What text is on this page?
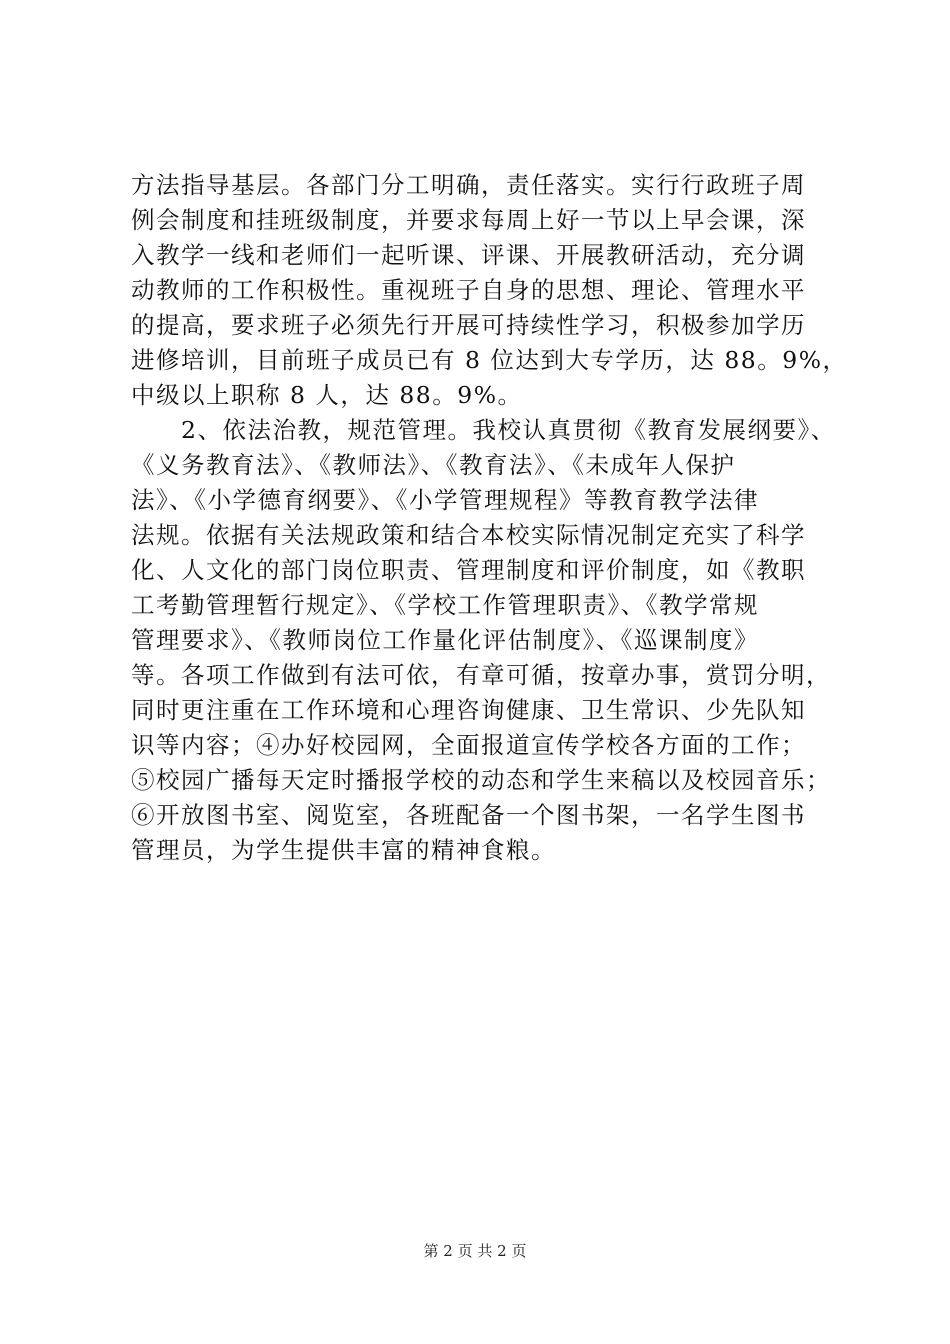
方法指导基层。各部门分工明确，责任落实。实行行政班子周
例会制度和挂班级制度，并要求每周上好一节以上早会课，深
入教学一线和老师们一起听课、评课、开展教研活动，充分调
动教师的工作积极性。重视班子自身的思想、理论、管理水平
的提高，要求班子必须先行开展可持续性学习，积极参加学历
进修培训，目前班子成员已有 8 位达到大专学历，达 88。9%，
中级以上职称 8 人，达 88。9%。
　　2、依法治教，规范管理。我校认真贯彻《教育发展纲要》、
《义务教育法》、《教师法》、《教育法》、《未成年人保护
法》、《小学德育纲要》、《小学管理规程》等教育教学法律
法规。依据有关法规政策和结合本校实际情况制定充实了科学
化、人文化的部门岗位职责、管理制度和评价制度，如《教职
工考勤管理暂行规定》、《学校工作管理职责》、《教学常规
管理要求》、《教师岗位工作量化评估制度》、《巡课制度》
等。各项工作做到有法可依，有章可循，按章办事，赏罚分明，
同时更注重在工作环境和心理咨询健康、卫生常识、少先队知
识等内容；④办好校园网，全面报道宣传学校各方面的工作；
⑤校园广播每天定时播报学校的动态和学生来稿以及校园音乐；
⑥开放图书室、阅览室，各班配备一个图书架，一名学生图书
管理员，为学生提供丰富的精神食粮。
第 2 页 共 2 页
